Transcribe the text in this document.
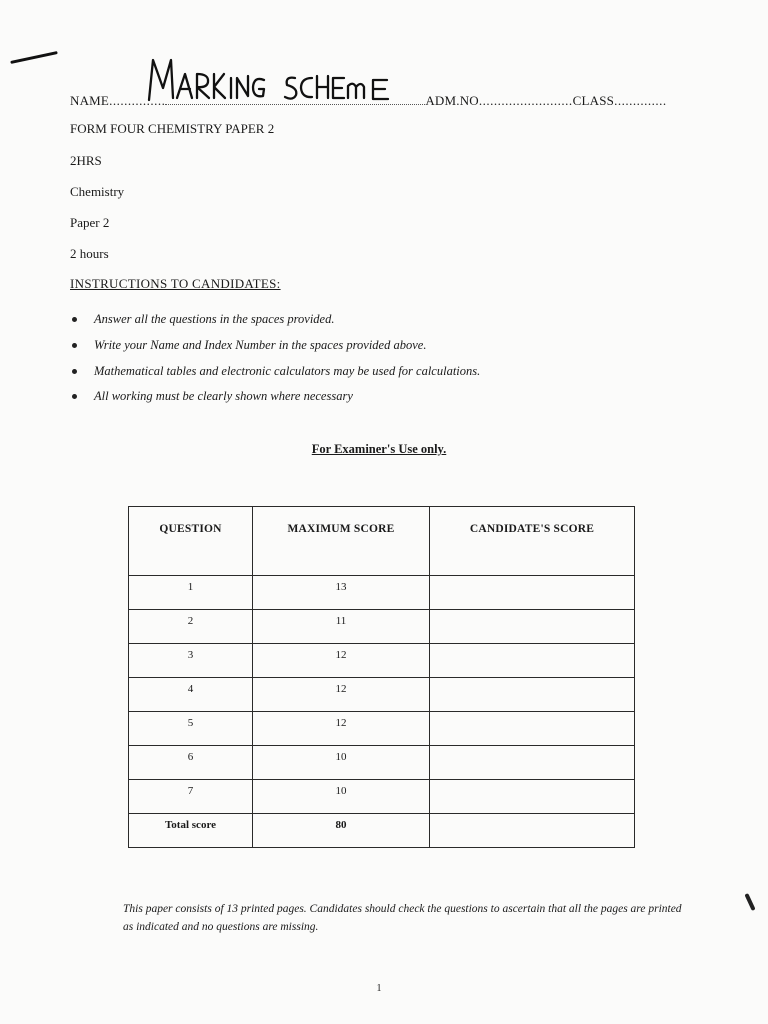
NAME...............	ADM.NO.........................CLASS..............
FORM FOUR CHEMISTRY PAPER 2
2HRS
Chemistry
Paper 2
2 hours
INSTRUCTIONS TO CANDIDATES:
Answer all the questions in the spaces provided.
Write your Name and Index Number in the spaces provided above.
Mathematical tables and electronic calculators may be used for calculations.
All working must be clearly shown where necessary
For Examiner's Use only.
QUESTION	MAXIMUM SCORE	CANDIDATE'S SCORE
1	13	
2	11	
3	12	
4	12	
5	12	
6	10	
7	10	
Total score	80	
This paper consists of 13 printed pages. Candidates should check the questions to ascertain that all the pages are printed as indicated and no questions are missing.
1
